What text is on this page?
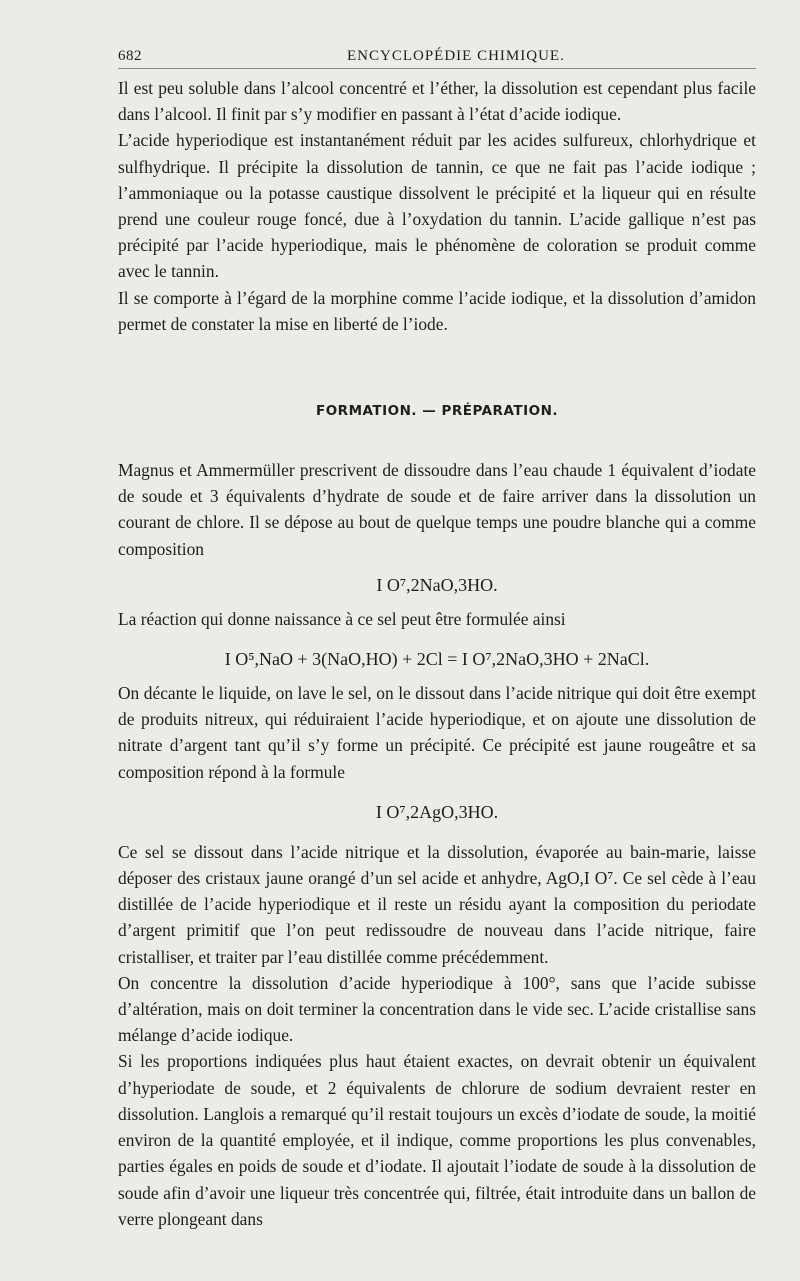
682	ENCYCLOPÉDIE CHIMIQUE.

Il est peu soluble dans l’alcool concentré et l’éther, la dissolution est cependant plus facile dans l’alcool. Il finit par s’y modifier en passant à l’état d’acide iodique.

L’acide hyperiodique est instantanément réduit par les acides sulfureux, chlorhydrique et sulfhydrique. Il précipite la dissolution de tannin, ce que ne fait pas l’acide iodique ; l’ammoniaque ou la potasse caustique dissolvent le précipité et la liqueur qui en résulte prend une couleur rouge foncé, due à l’oxydation du tannin. L’acide gallique n’est pas précipité par l’acide hyperiodique, mais le phénomène de coloration se produit comme avec le tannin.

Il se comporte à l’égard de la morphine comme l’acide iodique, et la dissolution d’amidon permet de constater la mise en liberté de l’iode.

FORMATION. — PRÉPARATION.

Magnus et Ammermüller prescrivent de dissoudre dans l’eau chaude 1 équivalent d’iodate de soude et 3 équivalents d’hydrate de soude et de faire arriver dans la dissolution un courant de chlore. Il se dépose au bout de quelque temps une poudre blanche qui a comme composition

I O⁷,2NaO,3HO.

La réaction qui donne naissance à ce sel peut être formulée ainsi

I O⁵,NaO + 3(NaO,HO) + 2Cl = I O⁷,2NaO,3HO + 2NaCl.

On décante le liquide, on lave le sel, on le dissout dans l’acide nitrique qui doit être exempt de produits nitreux, qui réduiraient l’acide hyperiodique, et on ajoute une dissolution de nitrate d’argent tant qu’il s’y forme un précipité. Ce précipité est jaune rougeâtre et sa composition répond à la formule

I O⁷,2AgO,3HO.

Ce sel se dissout dans l’acide nitrique et la dissolution, évaporée au bain-marie, laisse déposer des cristaux jaune orangé d’un sel acide et anhydre, AgO,I O⁷. Ce sel cède à l’eau distillée de l’acide hyperiodique et il reste un résidu ayant la composition du periodate d’argent primitif que l’on peut redissoudre de nouveau dans l’acide nitrique, faire cristalliser, et traiter par l’eau distillée comme précédemment.

On concentre la dissolution d’acide hyperiodique à 100°, sans que l’acide subisse d’altération, mais on doit terminer la concentration dans le vide sec. L’acide cristallise sans mélange d’acide iodique.

Si les proportions indiquées plus haut étaient exactes, on devrait obtenir un équivalent d’hyperiodate de soude, et 2 équivalents de chlorure de sodium devraient rester en dissolution. Langlois a remarqué qu’il restait toujours un excès d’iodate de soude, la moitié environ de la quantité employée, et il indique, comme proportions les plus convenables, parties égales en poids de soude et d’iodate. Il ajoutait l’iodate de soude à la dissolution de soude afin d’avoir une liqueur très concentrée qui, filtrée, était introduite dans un ballon de verre plongeant dans
